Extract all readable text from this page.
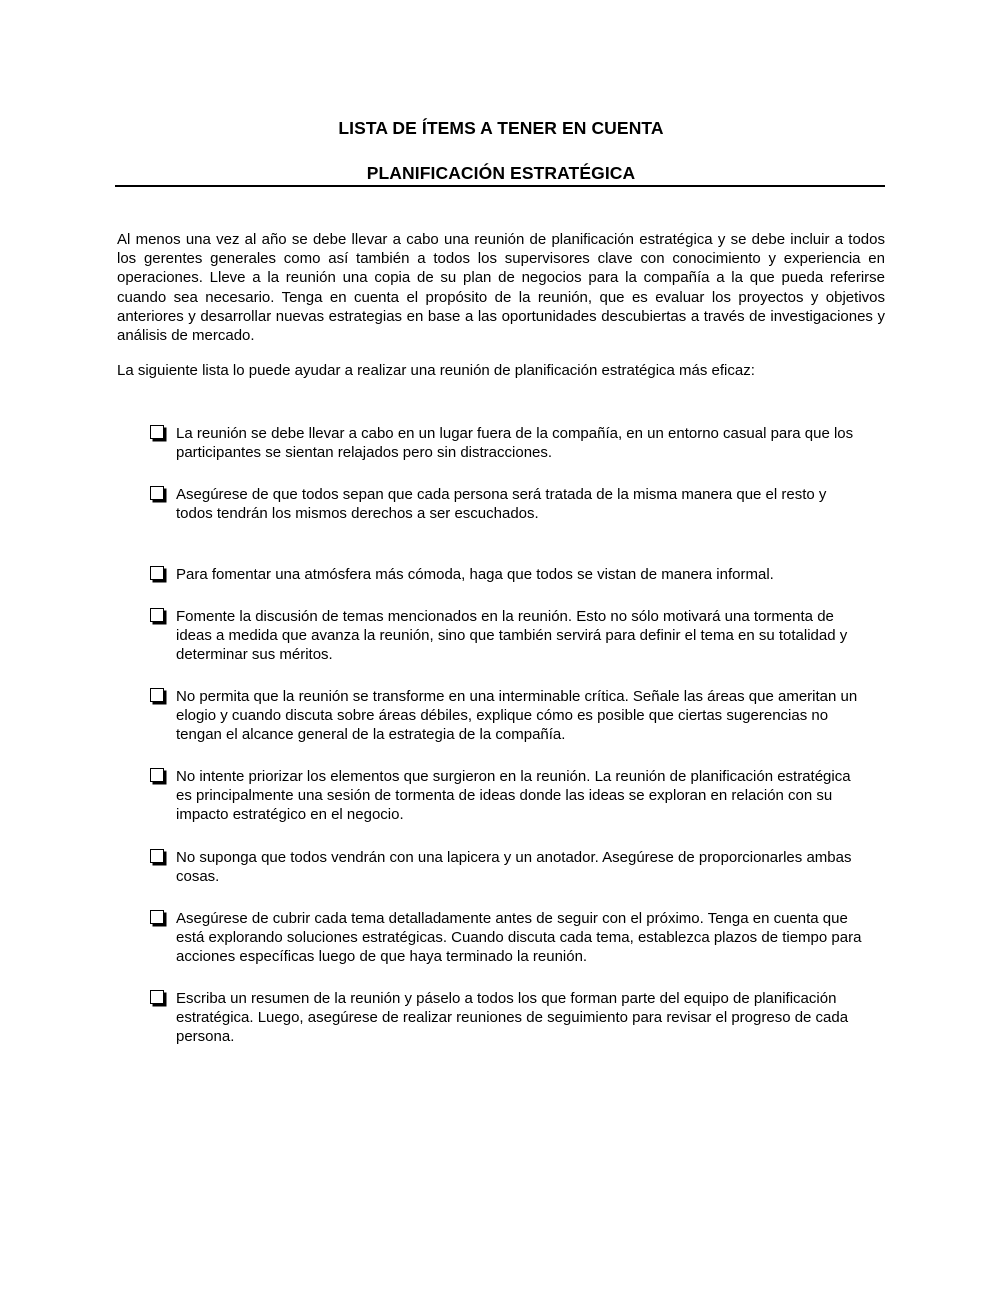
LISTA DE ÍTEMS A TENER EN CUENTA
PLANIFICACIÓN ESTRATÉGICA

Al menos una vez al año se debe llevar a cabo una reunión de planificación estratégica y se debe incluir a todos los gerentes generales como así también a todos los supervisores clave con conocimiento y experiencia en operaciones. Lleve a la reunión una copia de su plan de negocios para la compañía a la que pueda referirse cuando sea necesario. Tenga en cuenta el propósito de la reunión, que es evaluar los proyectos y objetivos anteriores y desarrollar nuevas estrategias en base a las oportunidades descubiertas a través de investigaciones y análisis de mercado.

La siguiente lista lo puede ayudar a realizar una reunión de planificación estratégica más eficaz:

La reunión se debe llevar a cabo en un lugar fuera de la compañía, en un entorno casual para que los participantes se sientan relajados pero sin distracciones.
Asegúrese de que todos sepan que cada persona será tratada de la misma manera que el resto y todos tendrán los mismos derechos a ser escuchados.
Para fomentar una atmósfera más cómoda, haga que todos se vistan de manera informal.
Fomente la discusión de temas mencionados en la reunión. Esto no sólo motivará una tormenta de ideas a medida que avanza la reunión, sino que también servirá para definir el tema en su totalidad y determinar sus méritos.
No permita que la reunión se transforme en una interminable crítica. Señale las áreas que ameritan un elogio y cuando discuta sobre áreas débiles, explique cómo es posible que ciertas sugerencias no tengan el alcance general de la estrategia de la compañía.
No intente priorizar los elementos que surgieron en la reunión. La reunión de planificación estratégica es principalmente una sesión de tormenta de ideas donde las ideas se exploran en relación con su impacto estratégico en el negocio.
No suponga que todos vendrán con una lapicera y un anotador. Asegúrese de proporcionarles ambas cosas.
Asegúrese de cubrir cada tema detalladamente antes de seguir con el próximo. Tenga en cuenta que está explorando soluciones estratégicas. Cuando discuta cada tema, establezca plazos de tiempo para acciones específicas luego de que haya terminado la reunión.
Escriba un resumen de la reunión y páselo a todos los que forman parte del equipo de planificación estratégica. Luego, asegúrese de realizar reuniones de seguimiento para revisar el progreso de cada persona.
